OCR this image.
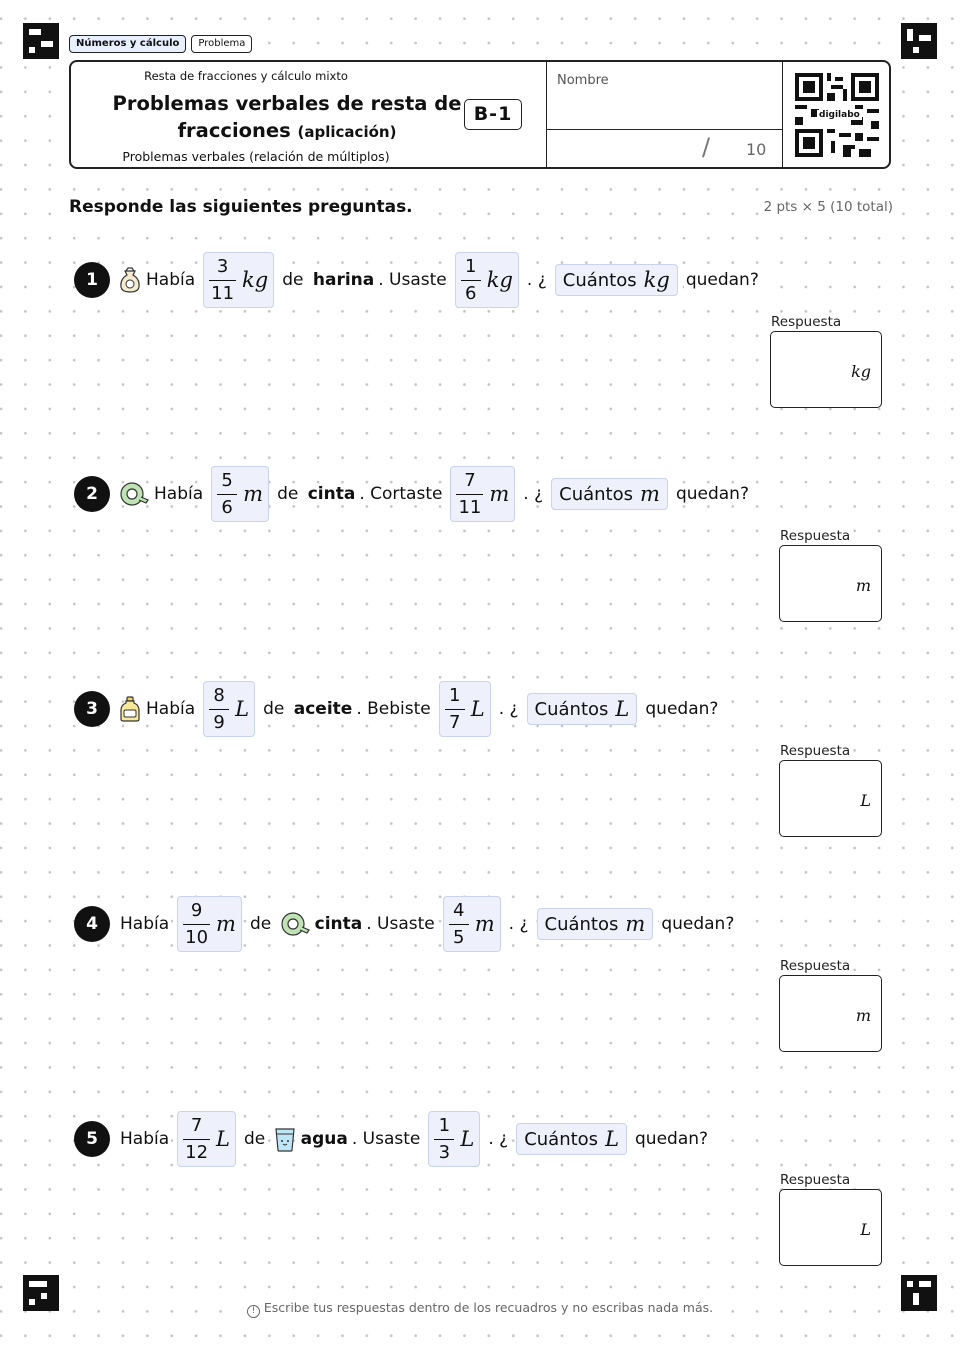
Números y cálculo	Problema
Resta de fracciones y cálculo mixto
Problemas verbales de resta de fracciones (aplicación)
Problemas verbales (relación de múltiplos)
B-1
Nombre
/ 10
digilabo
Responde las siguientes preguntas.	2 pts × 5 (10 total)
1	Había $\frac{3}{11}$ kg de
harina . Usaste $\frac{1}{6}$ kg . ¿ Cuántos kg quedan?
Respuesta
kg
2	Había $\frac{5}{6}$ m de
cinta . Cortaste $\frac{7}{11}$ m . ¿ Cuántos m quedan?
Respuesta
m
3	Había $\frac{8}{9}$ L de
aceite . Bebiste $\frac{1}{7}$ L . ¿ Cuántos L quedan?
Respuesta
L
4	Había $\frac{9}{10}$ m de
	cinta . Usaste $\frac{4}{5}$ m . ¿ Cuántos m quedan?
Respuesta
m
5	Había $\frac{7}{12}$ L de
agua . Usaste $\frac{1}{3}$ L . ¿ Cuántos L quedan?
Respuesta
L
! Escribe tus respuestas dentro de los recuadros y no escribas nada más.
